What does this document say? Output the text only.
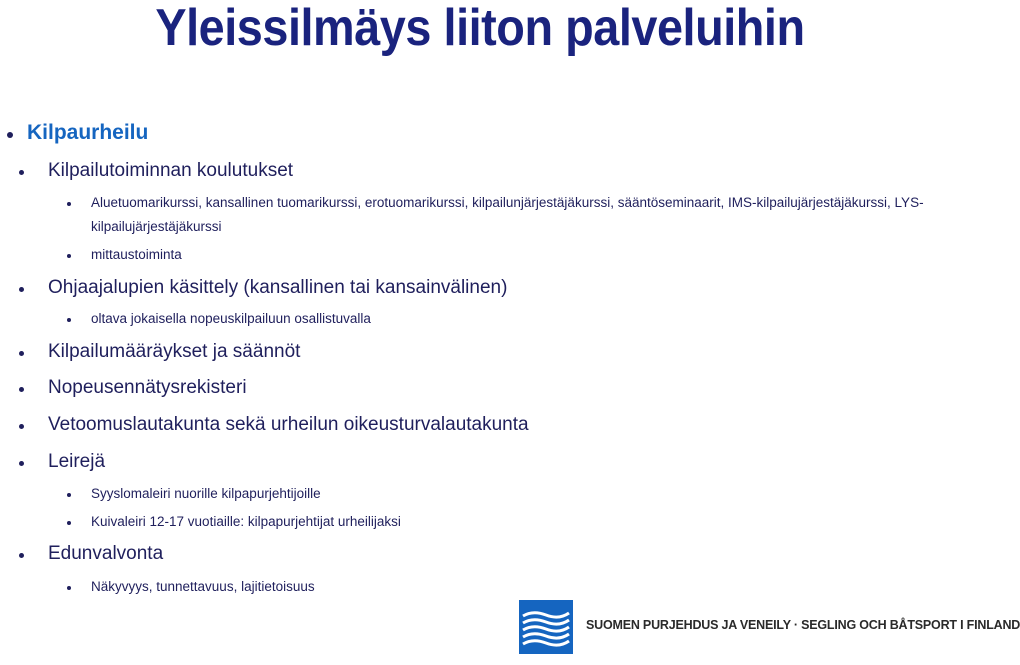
Yleissilmäys liiton palveluihin
Kilpaurheilu
Kilpailutoiminnan koulutukset
Aluetuomarikurssi, kansallinen tuomarikurssi, erotuomarikurssi, kilpailunjärjestäjäkurssi, sääntöseminaarit, IMS-kilpailujärjestäjäkurssi, LYS-
kilpailujärjestäjäkurssi
mittaustoiminta
Ohjaajalupien käsittely (kansallinen tai kansainvälinen)
oltava jokaisella nopeuskilpailuun osallistuvalla
Kilpailumääräykset ja säännöt
Nopeusennätysrekisteri
Vetoomuslautakunta sekä urheilun oikeusturvalautakunta
Leirejä
Syyslomaleiri nuorille kilpapurjehtijoille
Kuivaleiri 12-17 vuotiaille: kilpapurjehtijat urheilijaksi
Edunvalvonta
Näkyvyys, tunnettavuus, lajitietoisuus
SUOMEN PURJEHDUS JA VENEILY · SEGLING OCH BÅTSPORT I FINLAND
